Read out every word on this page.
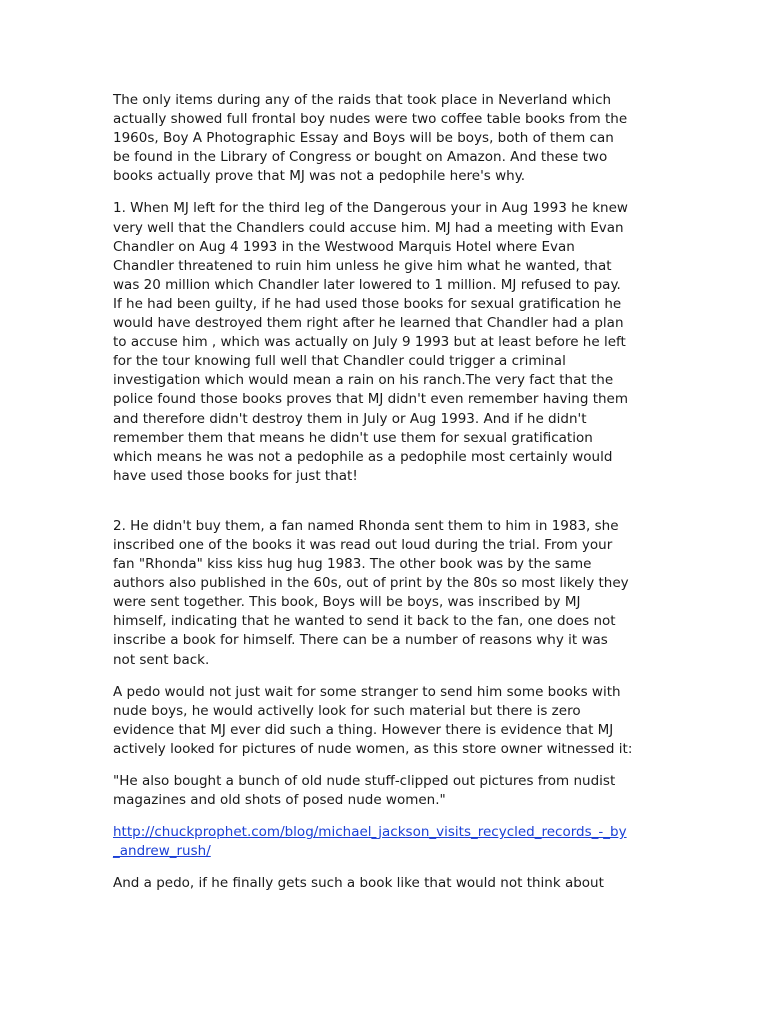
The only items during any of the raids that took place in Neverland which actually showed full frontal boy nudes were two coffee table books from the 1960s, Boy A Photographic Essay and Boys will be boys, both of them can be found in the Library of Congress or bought on Amazon. And these two books actually prove that MJ was not a pedophile here's why.

1. When MJ left for the third leg of the Dangerous your in Aug 1993 he knew very well that the Chandlers could accuse him. MJ had a meeting with Evan Chandler on Aug 4 1993 in the Westwood Marquis Hotel where Evan Chandler threatened to ruin him unless he give him what he wanted, that was 20 million which Chandler later lowered to 1 million. MJ refused to pay. If he had been guilty, if he had used those books for sexual gratification he would have destroyed them right after he learned that Chandler had a plan to accuse him , which was actually on July 9 1993 but at least before he left for the tour knowing full well that Chandler could trigger a criminal investigation which would mean a rain on his ranch.The very fact that the police found those books proves that MJ didn't even remember having them and therefore didn't destroy them in July or Aug 1993. And if he didn't remember them that means he didn't use them for sexual gratification which means he was not a pedophile as a pedophile most certainly would have used those books for just that!

2. He didn't buy them, a fan named Rhonda sent them to him in 1983, she inscribed one of the books it was read out loud during the trial. From your fan "Rhonda" kiss kiss hug hug 1983. The other book was by the same authors also published in the 60s, out of print by the 80s so most likely they were sent together. This book, Boys will be boys, was inscribed by MJ himself, indicating that he wanted to send it back to the fan, one does not inscribe a book for himself. There can be a number of reasons why it was not sent back.

A pedo would not just wait for some stranger to send him some books with nude boys, he would activelly look for such material but there is zero evidence that MJ ever did such a thing. However there is evidence that MJ actively looked for pictures of nude women, as this store owner witnessed it:

"He also bought a bunch of old nude stuff-clipped out pictures from nudist magazines and old shots of posed nude women."

http://chuckprophet.com/blog/michael_jackson_visits_recycled_records_-_by_andrew_rush/

And a pedo, if he finally gets such a book like that would not think about
